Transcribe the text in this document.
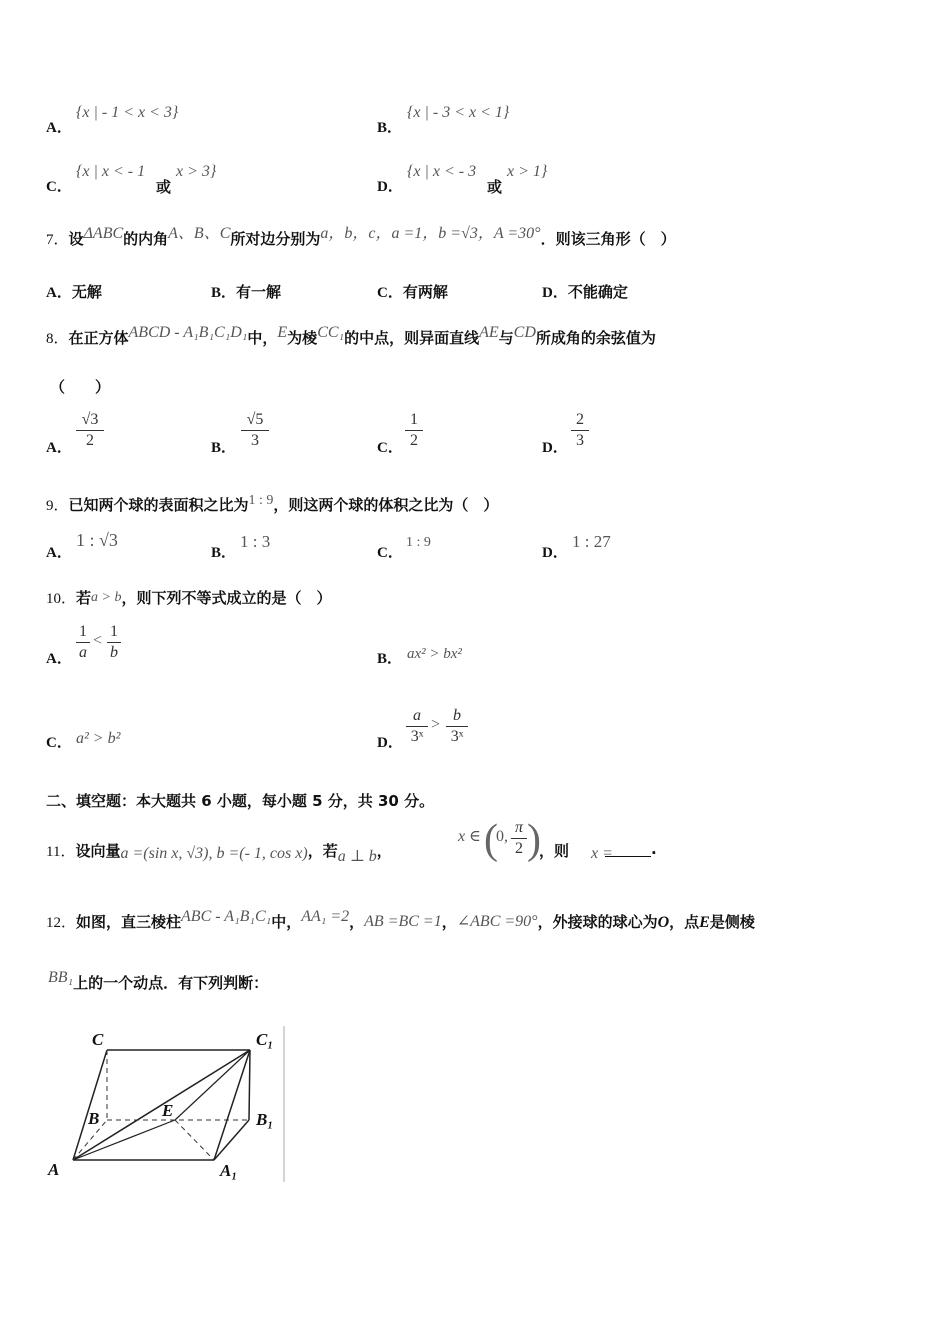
A．
{x | - 1 < x < 3}
B．
{x | - 3 < x < 1}
C．
{x | x < - 1
或
x > 3}
D．
{x | x < - 3
或
x > 1}
7．设ΔABC的内角A、B、C所对边分别为a，b，c，a =1，b =√3，A =30°．则该三角形（　）
A．无解	B．有一解	C．有两解	D．不能确定
8．在正方体ABCD - A₁B₁C₁D₁中，E为棱CC₁的中点，则异面直线AE与CD所成角的余弦值为
（　　）
A． $\frac{√3}{2}$	B． $\frac{√5}{3}$	C． $\frac{1}{2}$	D． $\frac{2}{3}$
9．已知两个球的表面积之比为1 : 9，则这两个球的体积之比为（　）
A．
1 : √3
B．
1 : 3
C．
1 : 9
D．
1 : 27
10．若a > b，则下列不等式成立的是（　）
A． $\frac{1}{a} < \frac{1}{b}$	B． ax² > bx²
C． a² > b²	D． $\frac{a}{\text{3ˣ}} > \frac{b}{\text{3ˣ}}$
二、填空题：本大题共 6 小题，每小题 5 分，共 30 分。
11．设向量a =(sin x, √3), b =(- 1, cos x)，若a ⊥ b，
x ∈ (
0, $\frac{\pi}{2}$ )
，则 x =	.
12．如图，直三棱柱ABC - A₁B₁C₁中，AA₁ =2，AB =BC =1，∠ABC =90°，外接球的球心为O，点E是侧棱
BB₁上的一个动点．有下列判断：
C	C₁
B	E	B₁
A	A₁
